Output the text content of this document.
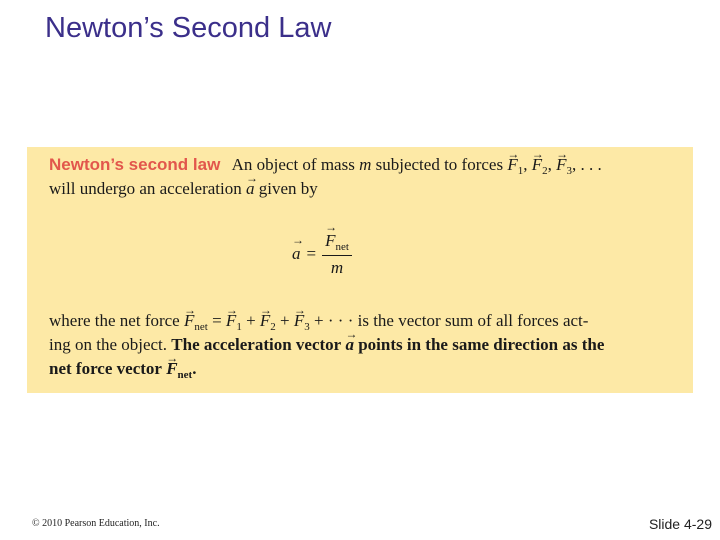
Newton’s Second Law
Newton’s second law An object of mass m subjected to forces → $F_1$, → $F_2$, → $F_3$, . . .
will undergo an acceleration → a given by
→ a = → $\frac{F_{net}}{m}$
where the net force → $F_{net}$ = → $F_1$ + → $F_2$ + → $F_3$ + · · · is the vector sum of all forces act-
ing on the object. The acceleration vector → a points in the same direction as the
net force vector → $F_{net}$.
© 2010 Pearson Education, Inc.	Slide 4-29
